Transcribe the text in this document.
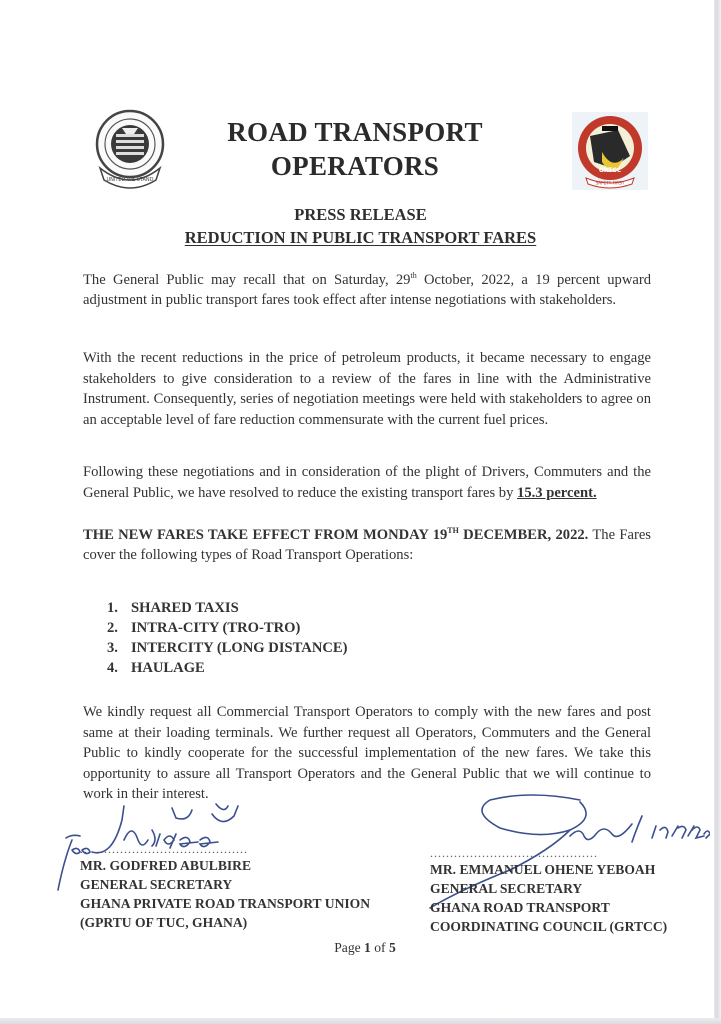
UNITED WE STAND
GRTCC
SAFETY FIRST
ROAD TRANSPORT
OPERATORS
PRESS RELEASE
REDUCTION IN PUBLIC TRANSPORT FARES
The General Public may recall that on Saturday, 29th October, 2022, a 19 percent upward adjustment in public transport fares took effect after intense negotiations with stakeholders.
With the recent reductions in the price of petroleum products, it became necessary to engage stakeholders to give consideration to a review of the fares in line with the Administrative Instrument. Consequently, series of negotiation meetings were held with stakeholders to agree on an acceptable level of fare reduction commensurate with the current fuel prices.
Following these negotiations and in consideration of the plight of Drivers, Commuters and the General Public, we have resolved to reduce the existing transport fares by 15.3 percent.
THE NEW FARES TAKE EFFECT FROM MONDAY 19TH DECEMBER, 2022. The Fares cover the following types of Road Transport Operations:
1. SHARED TAXIS
2. INTRA-CITY (TRO-TRO)
3. INTERCITY (LONG DISTANCE)
4. HAULAGE
We kindly request all Commercial Transport Operators to comply with the new fares and post same at their loading terminals. We further request all Operators, Commuters and the General Public to kindly cooperate for the successful implementation of the new fares. We take this opportunity to assure all Transport Operators and the General Public that we will continue to work in their interest.
..........................................
MR. GODFRED ABULBIRE
GENERAL SECRETARY
GHANA PRIVATE ROAD TRANSPORT UNION
(GPRTU OF TUC, GHANA)
..........................................
MR. EMMANUEL OHENE YEBOAH
GENERAL SECRETARY
GHANA ROAD TRANSPORT
COORDINATING COUNCIL (GRTCC)
Page 1 of 5
